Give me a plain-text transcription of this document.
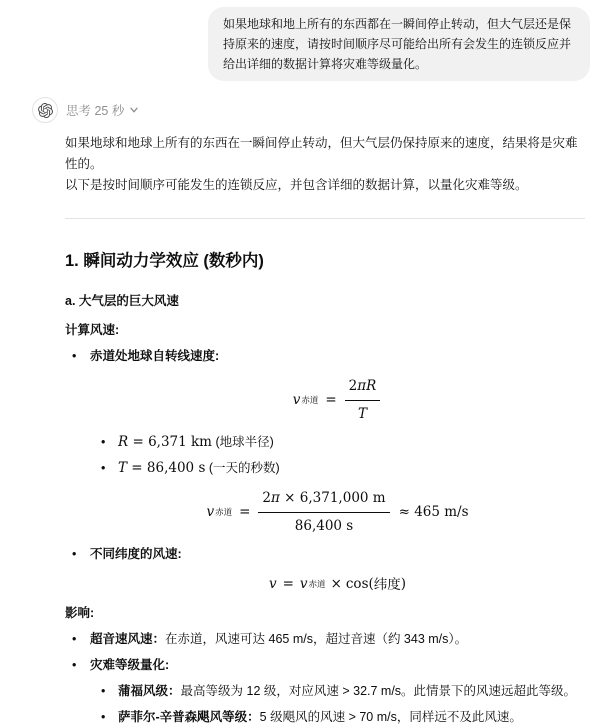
如果地球和地上所有的东西都在一瞬间停止转动，但大气层还是保持原来的速度，请按时间顺序尽可能给出所有会发生的连锁反应并给出详细的数据计算将灾难等级量化。
思考 25 秒

如果地球和地球上所有的东西在一瞬间停止转动，但大气层仍保持原来的速度，结果将是灾难性的。

以下是按时间顺序可能发生的连锁反应，并包含详细的数据计算，以量化灾难等级。

1. 瞬间动力学效应 (数秒内)
a. 大气层的巨大风速

计算风速:

• 赤道处地球自转线速度:
v 赤道 = $\frac{2\pi R}{T}$
• R = 6,371 km (地球半径)
• T = 86,400 s (一天的秒数)
v 赤道 = $\frac{2\pi \times 6,371,000 m}{86,400 s} \approx 465$ m/s
• 不同纬度的风速:
v = v 赤道 × cos( 纬度 )

影响:

• 超音速风速：在赤道，风速可达 465 m/s，超过音速（约 343 m/s）。
• 灾难等级量化:
• 蒲福风级：最高等级为 12 级，对应风速 > 32.7 m/s。此情景下的风速远超此等级。
• 萨菲尔-辛普森飓风等级：5 级飓风的风速 > 70 m/s，同样远不及此风速。
